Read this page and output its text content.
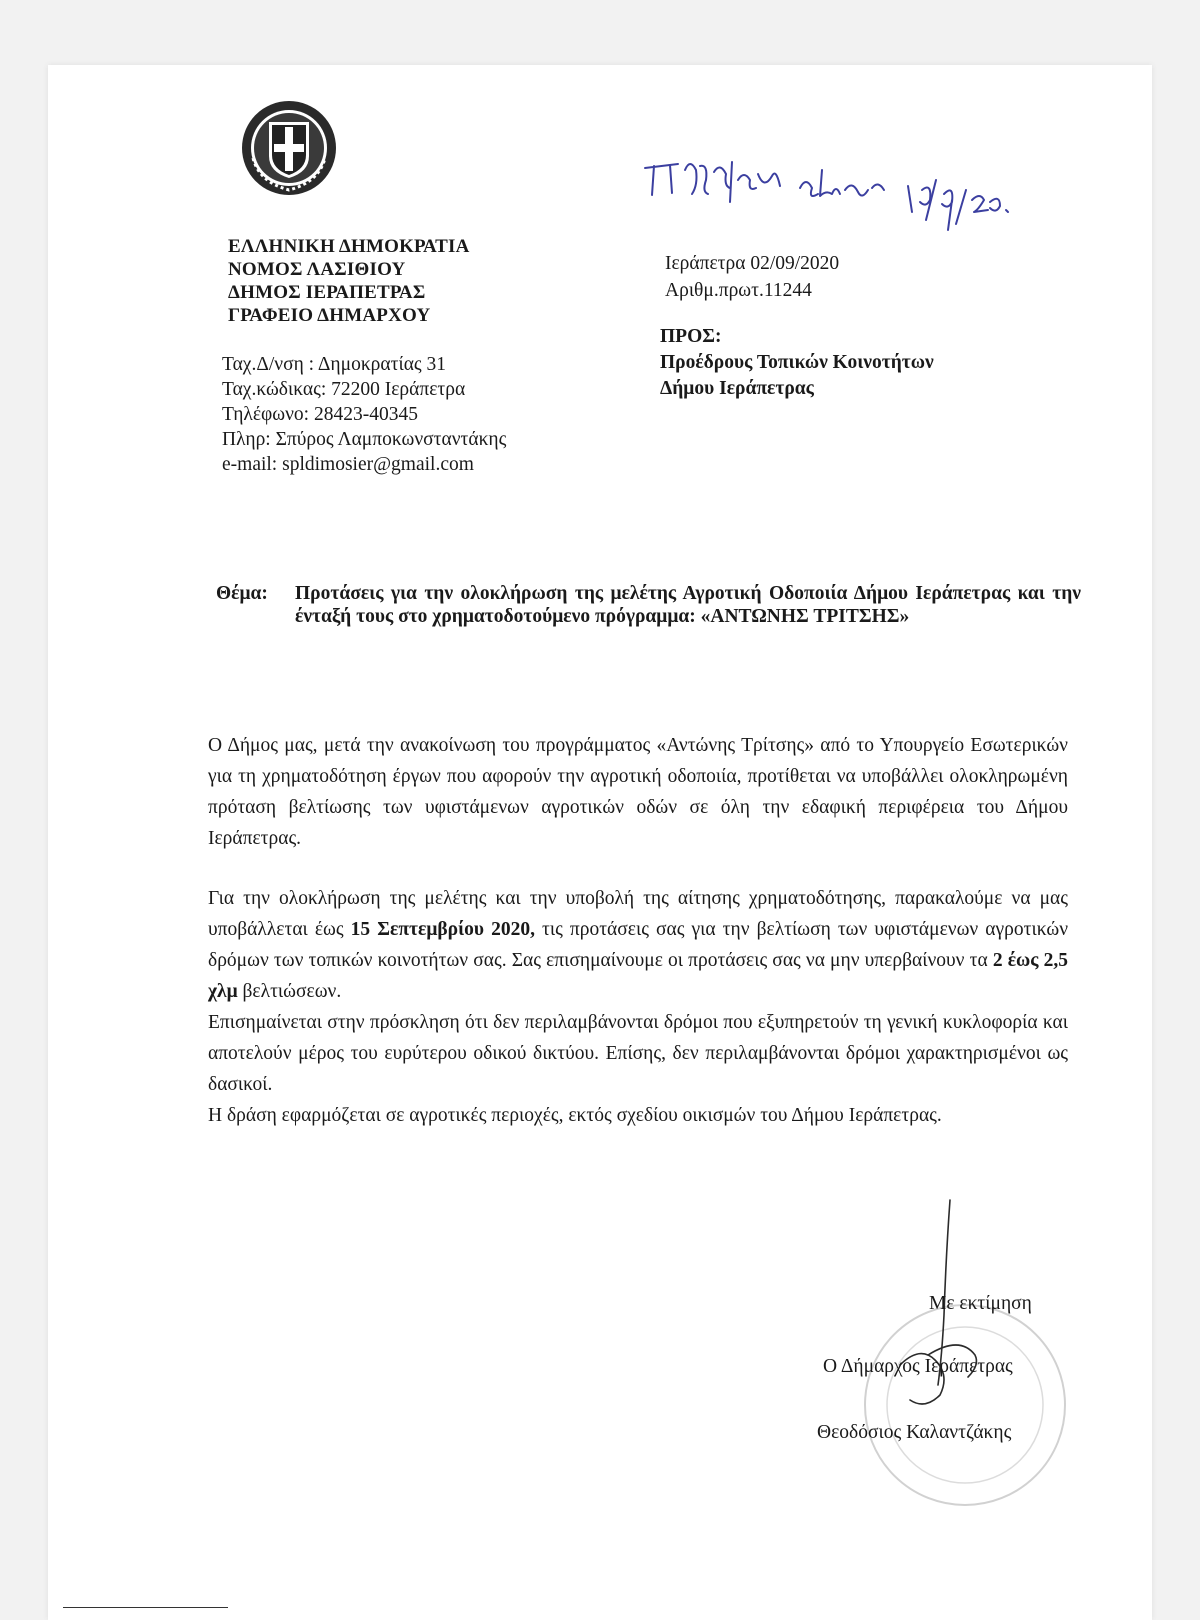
ΕΛΛΗΝΙΚΗ ΔΗΜΟΚΡΑΤΙΑ
ΝΟΜΟΣ ΛΑΣΙΘΙΟΥ
ΔΗΜΟΣ ΙΕΡΑΠΕΤΡΑΣ
ΓΡΑΦΕΙΟ ΔΗΜΑΡΧΟΥ
Ταχ.Δ/νση : Δημοκρατίας 31
Ταχ.κώδικας: 72200 Ιεράπετρα
Τηλέφωνο: 28423-40345
Πληρ: Σπύρος Λαμποκωνσταντάκης
e-mail: spldimosier@gmail.com
Ιεράπετρα 02/09/2020
Αριθμ.πρωτ.11244
ΠΡΟΣ:
Προέδρους Τοπικών Κοινοτήτων
Δήμου Ιεράπετρας
Θέμα: Προτάσεις για την ολοκλήρωση της μελέτης Αγροτική Οδοποιία Δήμου Ιεράπετρας και την ένταξή τους στο χρηματοδοτούμενο πρόγραμμα: «ΑΝΤΩΝΗΣ ΤΡΙΤΣΗΣ»

Ο Δήμος μας, μετά την ανακοίνωση του προγράμματος «Αντώνης Τρίτσης» από το Υπουργείο Εσωτερικών για τη χρηματοδότηση έργων που αφορούν την αγροτική οδοποιία, προτίθεται να υποβάλλει ολοκληρωμένη πρόταση βελτίωσης των υφιστάμενων αγροτικών οδών σε όλη την εδαφική περιφέρεια του Δήμου Ιεράπετρας.

Για την ολοκλήρωση της μελέτης και την υποβολή της αίτησης χρηματοδότησης, παρακαλούμε να μας υποβάλλεται έως 15 Σεπτεμβρίου 2020, τις προτάσεις σας για την βελτίωση των υφιστάμενων αγροτικών δρόμων των τοπικών κοινοτήτων σας. Σας επισημαίνουμε οι προτάσεις σας να μην υπερβαίνουν τα 2 έως 2,5 χλμ βελτιώσεων.

Επισημαίνεται στην πρόσκληση ότι δεν περιλαμβάνονται δρόμοι που εξυπηρετούν τη γενική κυκλοφορία και αποτελούν μέρος του ευρύτερου οδικού δικτύου. Επίσης, δεν περιλαμβάνονται δρόμοι χαρακτηρισμένοι ως δασικοί.

Η δράση εφαρμόζεται σε αγροτικές περιοχές, εκτός σχεδίου οικισμών του Δήμου Ιεράπετρας.

Με εκτίμηση
Ο Δήμαρχος Ιεράπετρας
Θεοδόσιος Καλαντζάκης
